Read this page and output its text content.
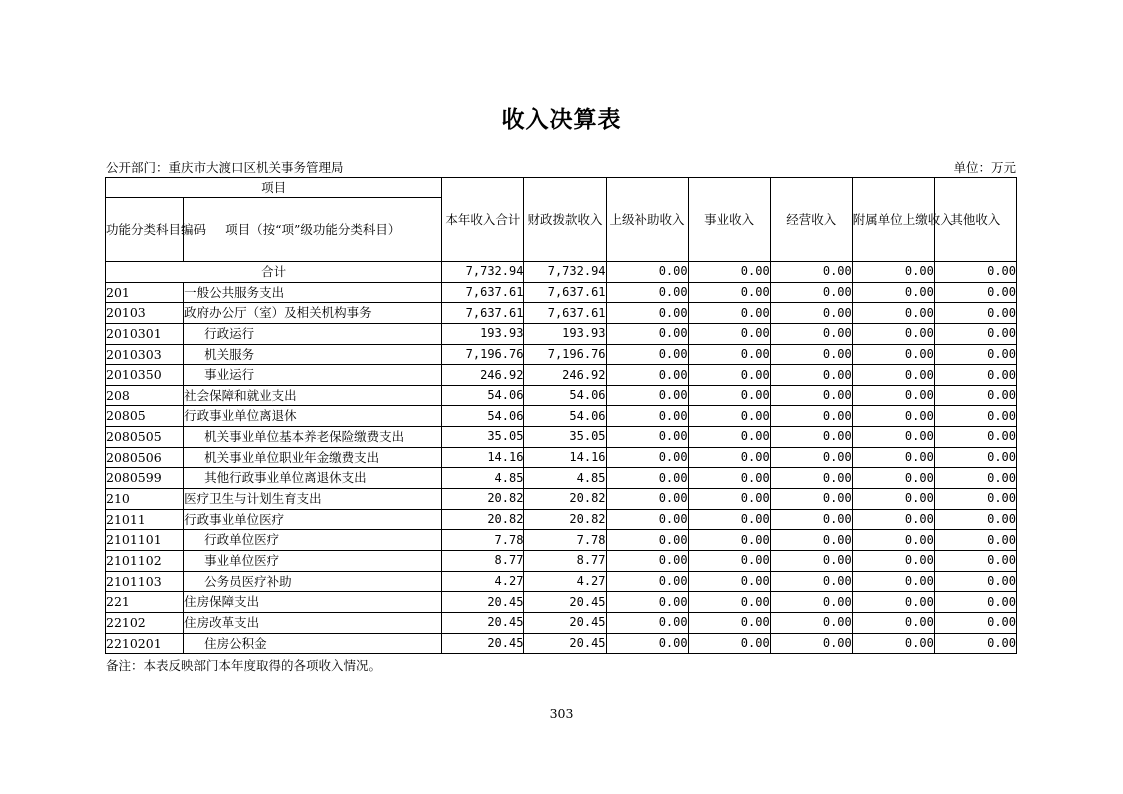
收入决算表
公开部门：重庆市大渡口区机关事务管理局	单位：万元
项目		本年收入合计	财政拨款收入	上级补助收入	事业收入	经营收入	附属单位上缴收入	其他收入
功能分类科目编码	项目（按“项”级功能分类科目）							
合计		7,732.94	7,732.94	0.00	0.00	0.00	0.00	0.00
201	一般公共服务支出	7,637.61	7,637.61	0.00	0.00	0.00	0.00	0.00
20103	政府办公厅（室）及相关机构事务	7,637.61	7,637.61	0.00	0.00	0.00	0.00	0.00
2010301	行政运行	193.93	193.93	0.00	0.00	0.00	0.00	0.00
2010303	机关服务	7,196.76	7,196.76	0.00	0.00	0.00	0.00	0.00
2010350	事业运行	246.92	246.92	0.00	0.00	0.00	0.00	0.00
208	社会保障和就业支出	54.06	54.06	0.00	0.00	0.00	0.00	0.00
20805	行政事业单位离退休	54.06	54.06	0.00	0.00	0.00	0.00	0.00
2080505	机关事业单位基本养老保险缴费支出	35.05	35.05	0.00	0.00	0.00	0.00	0.00
2080506	机关事业单位职业年金缴费支出	14.16	14.16	0.00	0.00	0.00	0.00	0.00
2080599	其他行政事业单位离退休支出	4.85	4.85	0.00	0.00	0.00	0.00	0.00
210	医疗卫生与计划生育支出	20.82	20.82	0.00	0.00	0.00	0.00	0.00
21011	行政事业单位医疗	20.82	20.82	0.00	0.00	0.00	0.00	0.00
2101101	行政单位医疗	7.78	7.78	0.00	0.00	0.00	0.00	0.00
2101102	事业单位医疗	8.77	8.77	0.00	0.00	0.00	0.00	0.00
2101103	公务员医疗补助	4.27	4.27	0.00	0.00	0.00	0.00	0.00
221	住房保障支出	20.45	20.45	0.00	0.00	0.00	0.00	0.00
22102	住房改革支出	20.45	20.45	0.00	0.00	0.00	0.00	0.00
2210201	住房公积金	20.45	20.45	0.00	0.00	0.00	0.00	0.00
备注：本表反映部门本年度取得的各项收入情况。
303
